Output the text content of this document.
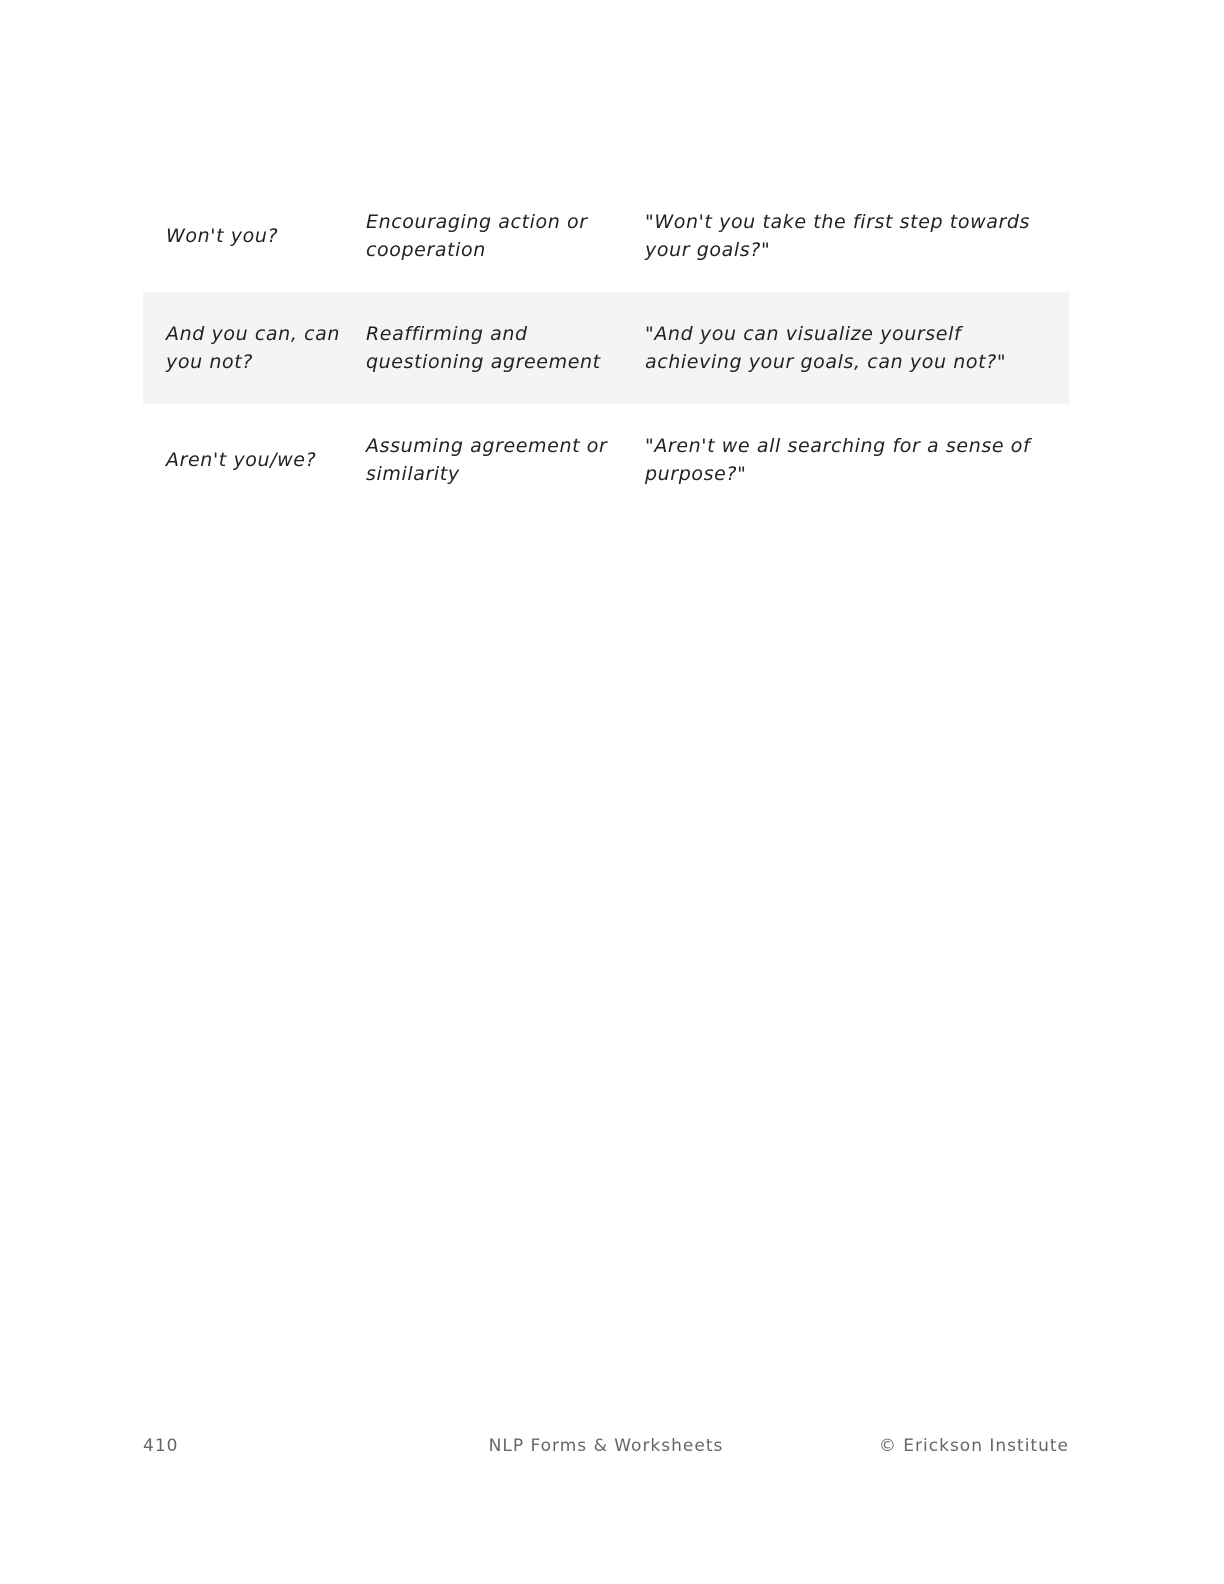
Won't you?
Encouraging action or cooperation
"Won't you take the first step towards your goals?"
And you can, can you not?
Reaffirming and questioning agreement
"And you can visualize yourself achieving your goals, can you not?"
Aren't you/we?
Assuming agreement or similarity
"Aren't we all searching for a sense of purpose?"
410	NLP Forms & Worksheets	© Erickson Institute
